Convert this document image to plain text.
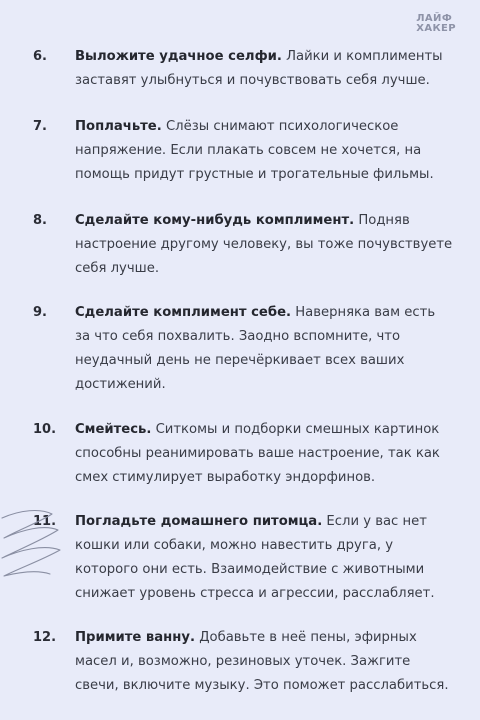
ЛАЙФ
ХАКЕР
6. Выложите удачное селфи. Лайки и комплименты заставят улыбнуться и почувствовать себя лучше.
7. Поплачьте. Слёзы снимают психологическое напряжение. Если плакать совсем не хочется, на помощь придут грустные и трогательные фильмы.
8. Сделайте кому-нибудь комплимент. Подняв настроение другому человеку, вы тоже почувствуете себя лучше.
9. Сделайте комплимент себе. Наверняка вам есть за что себя похвалить. Заодно вспомните, что неудачный день не перечёркивает всех ваших достижений.
10. Смейтесь. Ситкомы и подборки смешных картинок способны реанимировать ваше настроение, так как смех стимулирует выработку эндорфинов.
11. Погладьте домашнего питомца. Если у вас нет кошки или собаки, можно навестить друга, у которого они есть. Взаимодействие с животными снижает уровень стресса и агрессии, расслабляет.
12. Примите ванну. Добавьте в неё пены, эфирных масел и, возможно, резиновых уточек. Зажгите свечи, включите музыку. Это поможет расслабиться.
